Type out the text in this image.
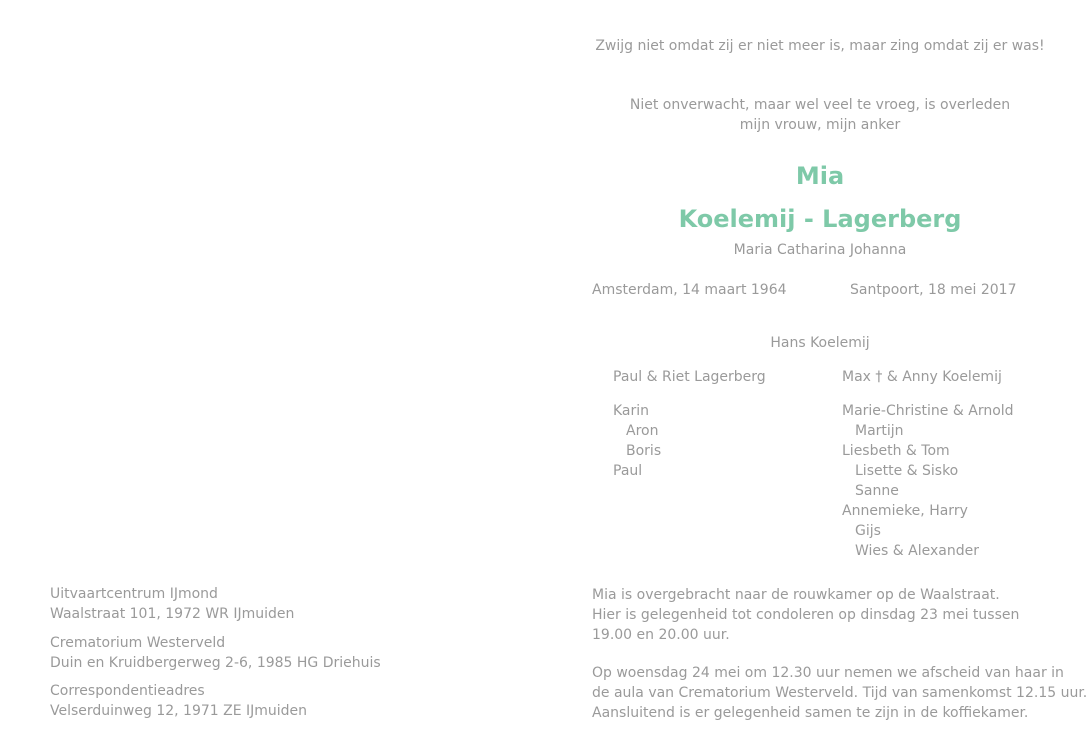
Zwijg niet omdat zij er niet meer is, maar zing omdat zij er was!
Niet onverwacht, maar wel veel te vroeg, is overleden
mijn vrouw, mijn anker
Mia
Koelemij - Lagerberg
Maria Catharina Johanna
Amsterdam, 14 maart 1964	Santpoort, 18 mei 2017
Hans Koelemij
Paul & Riet Lagerberg
Karin
Aron
Boris
Paul
Max † & Anny Koelemij
Marie-Christine & Arnold
Martijn
Liesbeth & Tom
Lisette & Sisko
Sanne
Annemieke, Harry
Gijs
Wies & Alexander
Uitvaartcentrum IJmond
Waalstraat 101, 1972 WR IJmuiden
Crematorium Westerveld
Duin en Kruidbergerweg 2-6, 1985 HG Driehuis
Correspondentieadres
Velserduinweg 12, 1971 ZE IJmuiden
Mia is overgebracht naar de rouwkamer op de Waalstraat.
Hier is gelegenheid tot condoleren op dinsdag 23 mei tussen
19.00 en 20.00 uur.
Op woensdag 24 mei om 12.30 uur nemen we afscheid van haar in
de aula van Crematorium Westerveld. Tijd van samenkomst 12.15 uur.
Aansluitend is er gelegenheid samen te zijn in de koffiekamer.
